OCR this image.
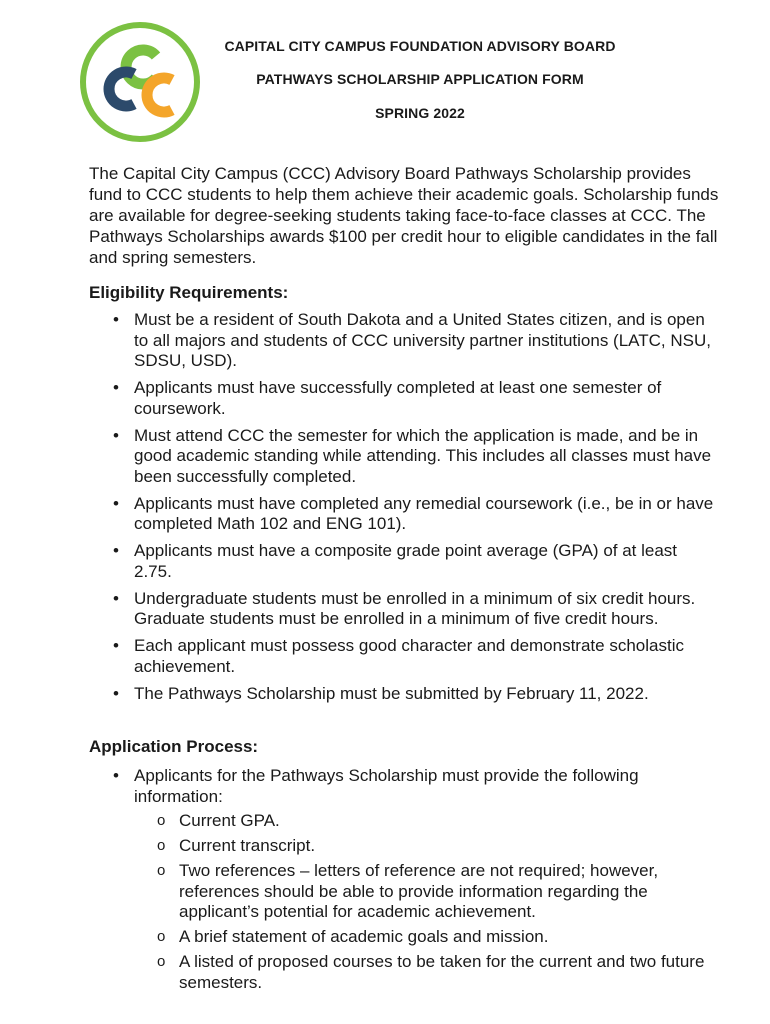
CAPITAL CITY CAMPUS FOUNDATION ADVISORY BOARD
PATHWAYS SCHOLARSHIP APPLICATION FORM
SPRING 2022

The Capital City Campus (CCC) Advisory Board Pathways Scholarship provides fund to CCC students to help them achieve their academic goals. Scholarship funds are available for degree-seeking students taking face-to-face classes at CCC. The Pathways Scholarships awards $100 per credit hour to eligible candidates in the fall and spring semesters.

Eligibility Requirements:
• Must be a resident of South Dakota and a United States citizen, and is open to all majors and students of CCC university partner institutions (LATC, NSU, SDSU, USD).
• Applicants must have successfully completed at least one semester of coursework.
• Must attend CCC the semester for which the application is made, and be in good academic standing while attending. This includes all classes must have been successfully completed.
• Applicants must have completed any remedial coursework (i.e., be in or have completed Math 102 and ENG 101).
• Applicants must have a composite grade point average (GPA) of at least 2.75.
• Undergraduate students must be enrolled in a minimum of six credit hours. Graduate students must be enrolled in a minimum of five credit hours.
• Each applicant must possess good character and demonstrate scholastic achievement.
• The Pathways Scholarship must be submitted by February 11, 2022.
Application Process:
• Applicants for the Pathways Scholarship must provide the following information:
o Current GPA.
o Current transcript.
o Two references – letters of reference are not required; however, references should be able to provide information regarding the applicant’s potential for academic achievement.
o A brief statement of academic goals and mission.
o A listed of proposed courses to be taken for the current and two future semesters.
